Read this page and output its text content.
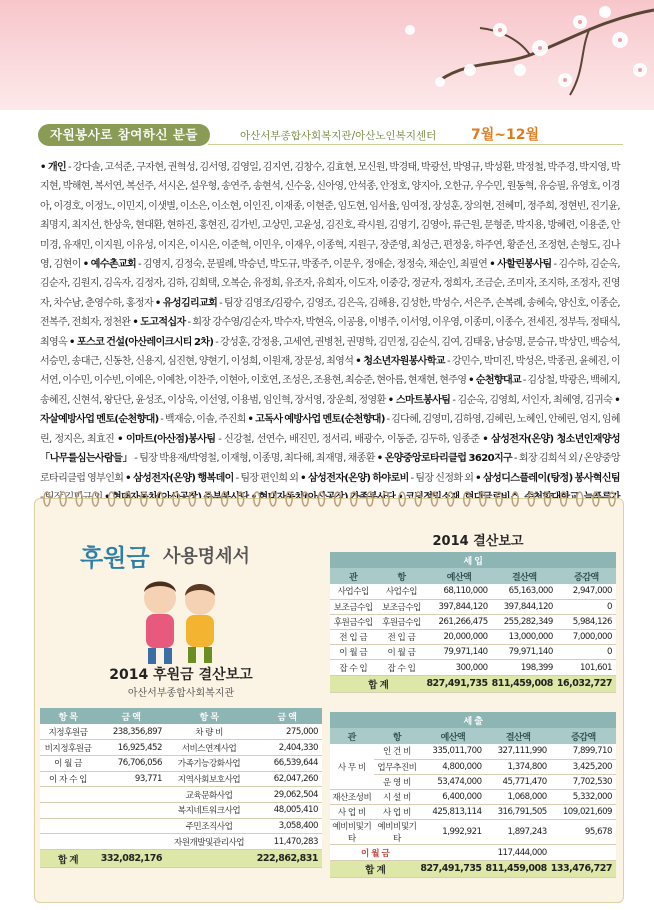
자원봉사로 참여하신 분들	아산서부종합사회복지관/아산노인복지센터 7월~12월
• 개인 - 강다솔, 고석준, 구자현, 권혁성, 김서영, 김영일, 김지연, 김창수, 김효현, 모신원, 박경태, 박광선, 박영규, 박성환, 박정철, 박주경, 박지영, 박지현, 박해현, 복서연, 복선주, 서시온, 설우형, 송연주, 송현석, 신수웅, 신아영, 안석종, 안정호, 양지아, 오한규, 우수민, 원동혁, 유승필, 유영호, 이경아, 이경호, 이정노, 이민지, 이샛별, 이소은, 이소현, 이인진, 이재종, 이현준, 임도현, 임서율, 임여정, 장성훈, 장의현, 전혜미, 정주희, 정현빈, 진기윤, 최명지, 최지선, 한상욱, 현대환, 현하진, 홍현진, 김가빈, 고상민, 고윤성, 김진호, 곽시원, 김영기, 김영아, 류근원, 문형준, 박지용, 방혜련, 이용준, 안미경, 유재민, 이지원, 이유성, 이지은, 이시은, 이준혁, 이민우, 이재우, 이종혁, 지원구, 장준영, 최성근, 편정웅, 하주연, 황준선, 조정현, 손형도, 김나영, 김현이 • 예수촌교회 - 김영지, 김정숙, 문필례, 박승년, 박도규, 박종주, 이문우, 정애순, 정정숙, 채순인, 최필연 • 사할린봉사팀 - 김수하, 김순옥, 김순자, 김원지, 김옥자, 김정자, 김하, 김희택, 오복순, 유정희, 유조자, 유희자, 이도자, 이중강, 정균자, 정희자, 조금순, 조미자, 조지하, 조정자, 진영자, 차수남, 춘영수하, 홍정자 • 유성김리교회 - 팀장 김영조/김광수, 김영조, 김은옥, 김해용, 김성한, 박성수, 서은주, 손복례, 송혜숙, 양신호, 이종순, 전복주, 전희자, 정천완 • 도고적십자 - 회장 강수영/김순자, 박수자, 박현옥, 이공용, 이병주, 이서영, 이우영, 이종미, 이종수, 전세진, 정부득, 정태식, 최영옥 • 포스코 건설(아산레이크시티 2차) - 강성훈, 강정용, 고세연, 권병천, 권명학, 김민정, 김순식, 김여, 김태웅, 남승명, 문승규, 박상민, 백승석, 서승민, 송대근, 신동찬, 신용지, 심진현, 양현기, 이성희, 이원재, 장문성, 최영석 • 청소년자원봉사학교 - 강민수, 박미진, 박성은, 박종권, 윤혜진, 이서연, 이수민, 이수빈, 이예은, 이예찬, 이찬주, 이현아, 이호연, 조성은, 조용현, 최승준, 현아름, 현재현, 현주영 • 순천향대교 - 김상철, 박광은, 백혜지, 송혜진, 신현석, 왕단단, 윤성조, 이상욱, 이선영, 이용범, 임인혁, 장서영, 장운희, 정영환 • 스마트봉사팀 - 김순옥, 김영희, 서인자, 최혜영, 김귀숙 • 자살예방사업 멘토(순천향대) - 백재승, 이솔, 주진희 • 고독사 예방사업 멘토(순천향대) - 김다혜, 김영미, 김하영, 김혜린, 노혜인, 안혜린, 엄지, 임혜린, 정지은, 최효진 • 이마트(아산점)봉사팀 - 신강철, 선연수, 배진민, 정서리, 배광수, 이동준, 김두하, 임종준 • 삼성전자(온양) 청소년인재양성 「나무를심는사람들」 - 팀장 박용재/박영철, 이재형, 이종명, 최다해, 최재명, 채종환 • 온양중앙로타리클럽 3620지구 - 회장 김희석 외 / 온양중앙로타리클럽 영부인회 • 삼성전자(온양) 행복데이 - 팀장 편인희 외 • 삼성전자(온양) 하야로비 - 팀장 신정화 외 • 삼성디스플레이(탕정) 봉사혁신팀
후원금 사용명세서
2014 후원금 결산보고
아산서부종합사회복지관
항 목	금 액	항 목	금 액
지정후원금	238,356,897	차 량 비	275,000
비지정후원금	16,925,452	서비스연계사업	2,404,330
이 월 금	76,706,056	가족기능강화사업	66,539,644
이 자 수 입	93,771	지역사회보호사업	62,047,260
		교육문화사업	29,062,504
		복지네트워크사업	48,005,410
		주민조직사업	3,058,400
		자원개발및관리사업	11,470,283
합 계	332,082,176		222,862,831
2014 결산보고
세 입				
관	항	예산액	결산액	증감액
사업수입	사업수입	68,110,000	65,163,000	2,947,000
보조금수입	보조금수입	397,844,120	397,844,120	0
후원금수입	후원금수입	261,266,475	255,282,349	5,984,126
전 입 금	전 입 금	20,000,000	13,000,000	7,000,000
이 월 금	이 월 금	79,971,140	79,971,140	0
잡 수 입	잡 수 입	300,000	198,399	101,601
합 계		827,491,735	811,459,008	16,032,727
세 출				
관	항	예산액	결산액	증감액
사 무 비	인 건 비	335,011,700	327,111,990	7,899,710
	업무추진비	4,800,000	1,374,800	3,425,200
	운 영 비	53,474,000	45,771,470	7,702,530
재산조성비	시 설 비	6,400,000	1,068,000	5,332,000
사 업 비	사 업 비	425,813,114	316,791,505	109,021,609
예비비및기타	예비비및기타	1,992,921	1,897,243	95,678
이 월 금			117,444,000	
합 계		827,491,735	811,459,008	133,476,727
